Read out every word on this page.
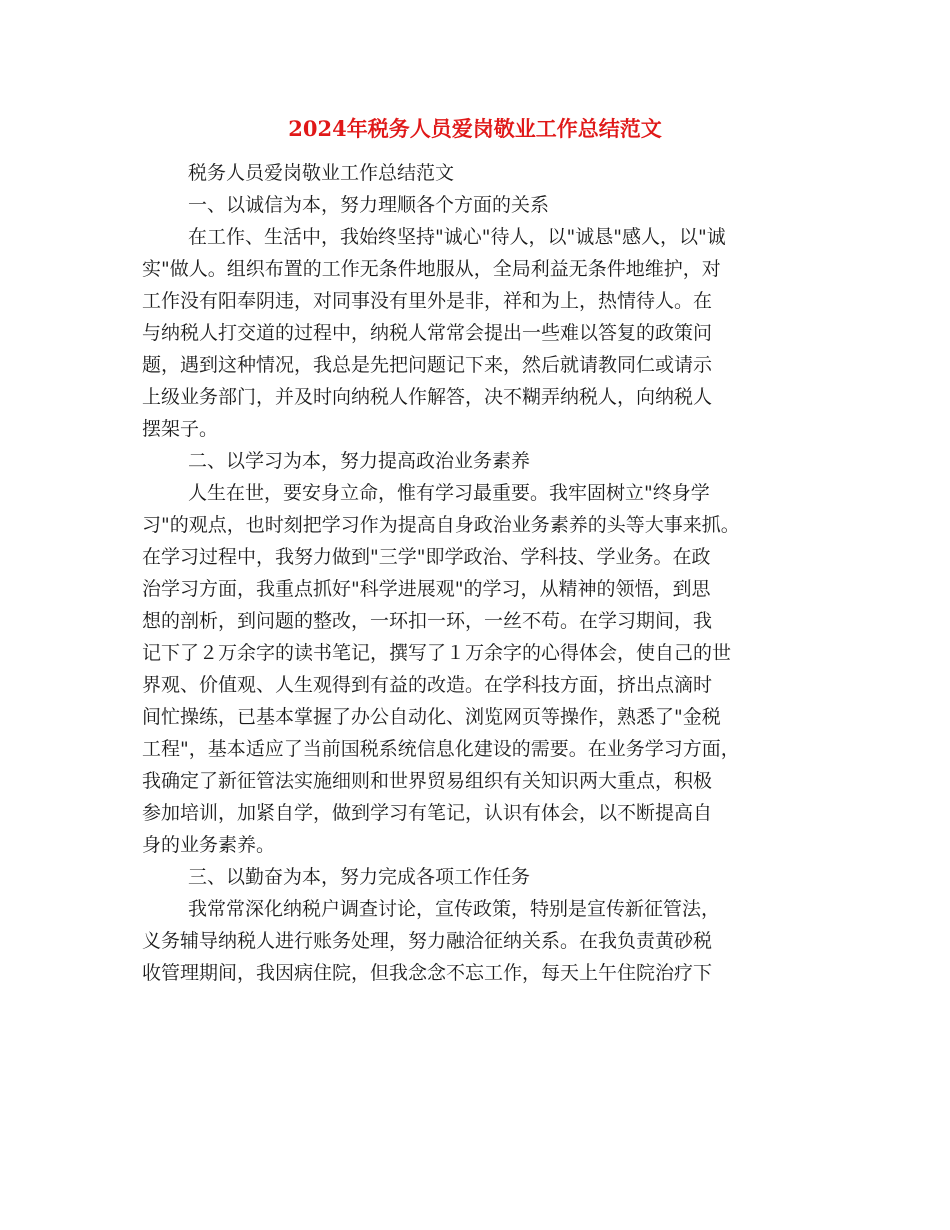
2024年税务人员爱岗敬业工作总结范文
税务人员爱岗敬业工作总结范文
一、以诚信为本，努力理顺各个方面的关系
在工作、生活中，我始终坚持"诚心"待人，以"诚恳"感人，以"诚
实"做人。组织布置的工作无条件地服从，全局利益无条件地维护，对
工作没有阳奉阴违，对同事没有里外是非，祥和为上，热情待人。在
与纳税人打交道的过程中，纳税人常常会提出一些难以答复的政策问
题，遇到这种情况，我总是先把问题记下来，然后就请教同仁或请示
上级业务部门，并及时向纳税人作解答，决不糊弄纳税人，向纳税人
摆架子。
二、以学习为本，努力提高政治业务素养
人生在世，要安身立命，惟有学习最重要。我牢固树立"终身学
习"的观点，也时刻把学习作为提高自身政治业务素养的头等大事来抓。
在学习过程中，我努力做到"三学"即学政治、学科技、学业务。在政
治学习方面，我重点抓好"科学进展观"的学习，从精神的领悟，到思
想的剖析，到问题的整改，一环扣一环，一丝不苟。在学习期间，我
记下了２万余字的读书笔记，撰写了１万余字的心得体会，使自己的世
界观、价值观、人生观得到有益的改造。在学科技方面，挤出点滴时
间忙操练，已基本掌握了办公自动化、浏览网页等操作，熟悉了"金税
工程"，基本适应了当前国税系统信息化建设的需要。在业务学习方面，
我确定了新征管法实施细则和世界贸易组织有关知识两大重点，积极
参加培训，加紧自学，做到学习有笔记，认识有体会，以不断提高自
身的业务素养。
三、以勤奋为本，努力完成各项工作任务
我常常深化纳税户调查讨论，宣传政策，特别是宣传新征管法，
义务辅导纳税人进行账务处理，努力融洽征纳关系。在我负责黄砂税
收管理期间，我因病住院，但我念念不忘工作，每天上午住院治疗下
